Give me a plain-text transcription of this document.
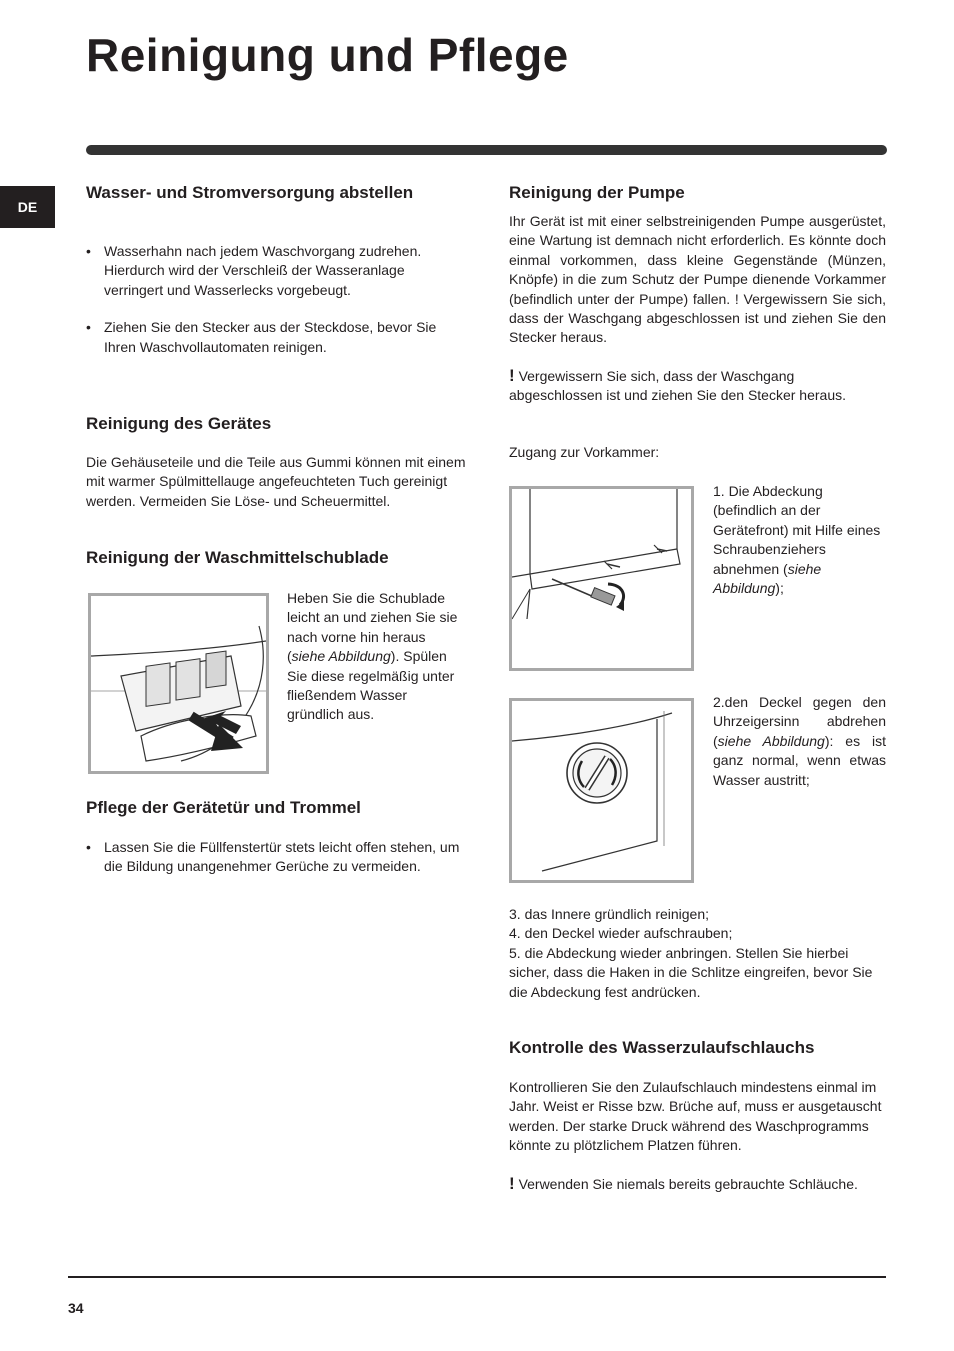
Reinigung und Pflege
DE
Wasser- und Stromversorgung abstellen
• Wasserhahn nach jedem Waschvorgang zudrehen. Hierdurch wird der Verschleiß der Wasseranlage verringert und Wasserlecks vorgebeugt.
• Ziehen Sie den Stecker aus der Steckdose, bevor Sie Ihren Waschvollautomaten reinigen.
Reinigung des Gerätes

Die Gehäuseteile und die Teile aus Gummi können mit einem mit warmer Spülmittellauge angefeuchteten Tuch gereinigt werden. Vermeiden Sie Löse- und Scheuermittel.

Reinigung der Waschmittelschublade

Heben Sie die Schublade leicht an und ziehen Sie sie nach vorne hin heraus (siehe Abbildung). Spülen Sie diese regelmäßig unter fließendem Wasser gründlich aus.

Pflege der Gerätetür und Trommel
• Lassen Sie die Füllfenstertür stets leicht offen stehen, um die Bildung unangenehmer Gerüche zu vermeiden.
Reinigung der Pumpe

Ihr Gerät ist mit einer selbstreinigenden Pumpe ausgerüstet, eine Wartung ist demnach nicht erforderlich. Es könnte doch einmal vorkommen, dass kleine Gegenstände (Münzen, Knöpfe) in die zum Schutz der Pumpe dienende Vorkammer (befindlich unter der Pumpe) fallen. ! Vergewissern Sie sich, dass der Waschgang abgeschlossen ist und ziehen Sie den Stecker heraus.

! Vergewissern Sie sich, dass der Waschgang abgeschlossen ist und ziehen Sie den Stecker heraus.

Zugang zur Vorkammer:

1. Die Abdeckung (befindlich an der Gerätefront) mit Hilfe eines Schraubenziehers abnehmen (siehe Abbildung);

2.den Deckel gegen den Uhrzeigersinn abdrehen (siehe Abbildung): es ist ganz normal, wenn etwas Wasser austritt;

3. das Innere gründlich reinigen;
4. den Deckel wieder aufschrauben;
5. die Abdeckung wieder anbringen. Stellen Sie hierbei sicher, dass die Haken in die Schlitze eingreifen, bevor Sie die Abdeckung fest andrücken.
Kontrolle des Wasserzulaufschlauchs

Kontrollieren Sie den Zulaufschlauch mindestens einmal im Jahr. Weist er Risse bzw. Brüche auf, muss er ausgetauscht werden. Der starke Druck während des Waschprogramms könnte zu plötzlichem Platzen führen.

! Verwenden Sie niemals bereits gebrauchte Schläuche.

34
